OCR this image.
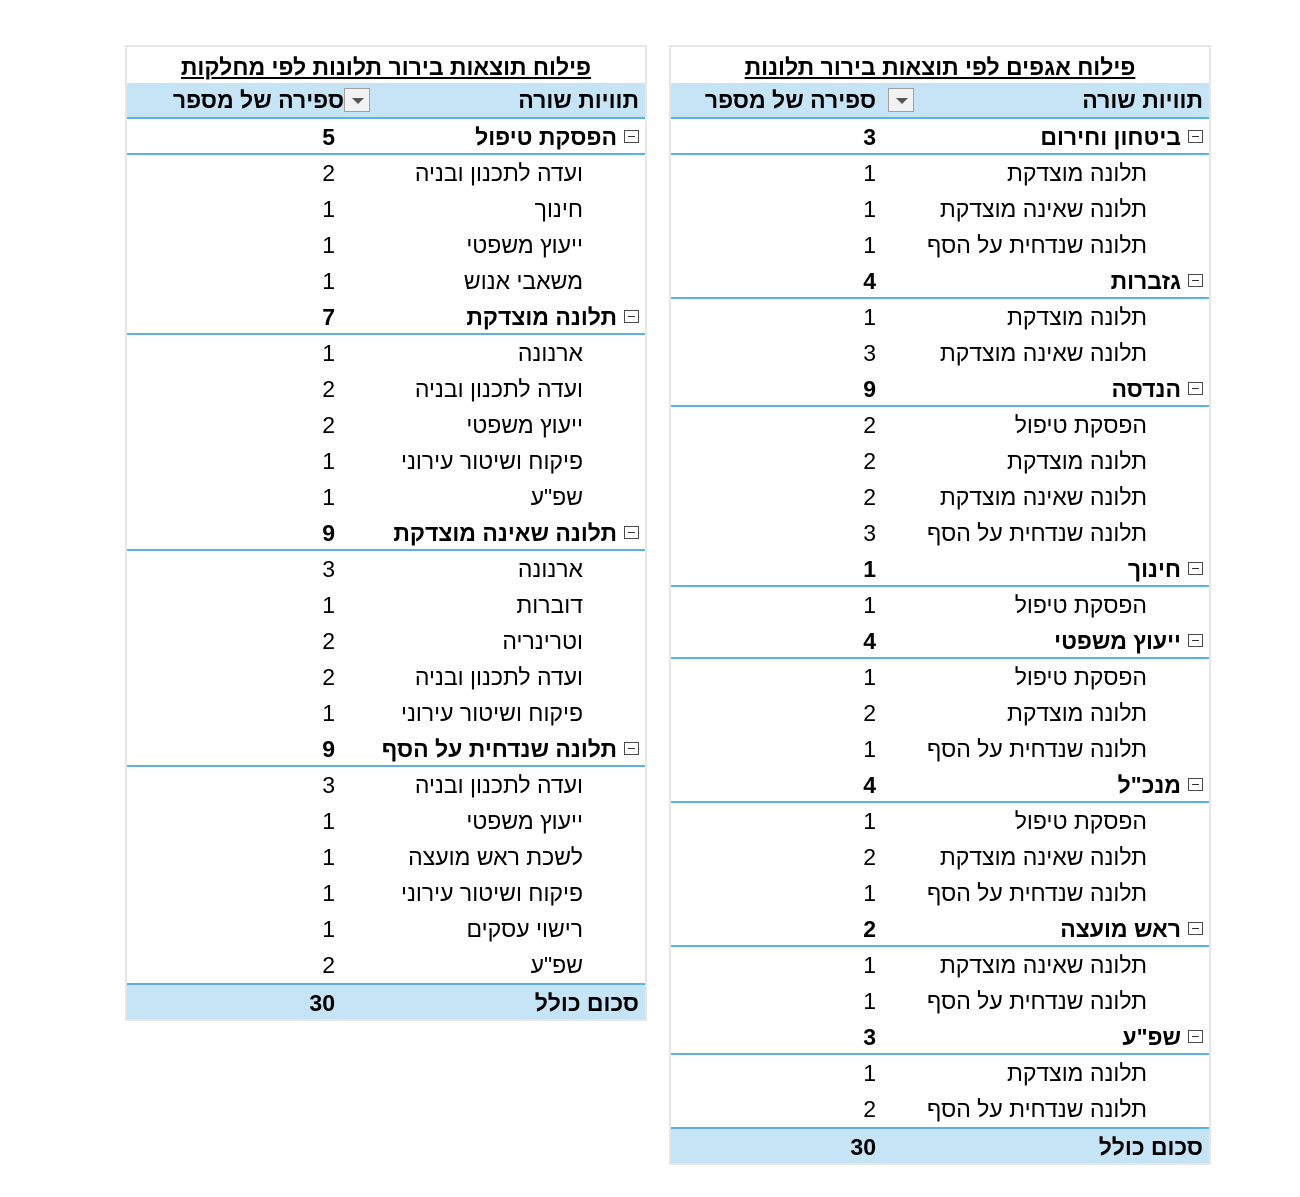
פילוח אגפים לפי תוצאות בירור תלונות
תוויות שורה
ספירה של מספר
ביטחון וחירום
3
תלונה מוצדקת
1
תלונה שאינה מוצדקת
1
תלונה שנדחית על הסף
1
גזברות
4
תלונה מוצדקת
1
תלונה שאינה מוצדקת
3
הנדסה
9
הפסקת טיפול
2
תלונה מוצדקת
2
תלונה שאינה מוצדקת
2
תלונה שנדחית על הסף
3
חינוך
1
הפסקת טיפול
1
ייעוץ משפטי
4
הפסקת טיפול
1
תלונה מוצדקת
2
תלונה שנדחית על הסף
1
מנכ"ל
4
הפסקת טיפול
1
תלונה שאינה מוצדקת
2
תלונה שנדחית על הסף
1
ראש מועצה
2
תלונה שאינה מוצדקת
1
תלונה שנדחית על הסף
1
שפ"ע
3
תלונה מוצדקת
1
תלונה שנדחית על הסף
2
סכום כולל
30
פילוח תוצאות בירור תלונות לפי מחלקות
תוויות שורה
ספירה של מספר
הפסקת טיפול
5
ועדה לתכנון ובניה
2
חינוך
1
ייעוץ משפטי
1
משאבי אנוש
1
תלונה מוצדקת
7
ארנונה
1
ועדה לתכנון ובניה
2
ייעוץ משפטי
2
פיקוח ושיטור עירוני
1
שפ"ע
1
תלונה שאינה מוצדקת
9
ארנונה
3
דוברות
1
וטרינריה
2
ועדה לתכנון ובניה
2
פיקוח ושיטור עירוני
1
תלונה שנדחית על הסף
9
ועדה לתכנון ובניה
3
ייעוץ משפטי
1
לשכת ראש מועצה
1
פיקוח ושיטור עירוני
1
רישוי עסקים
1
שפ"ע
2
סכום כולל
30
